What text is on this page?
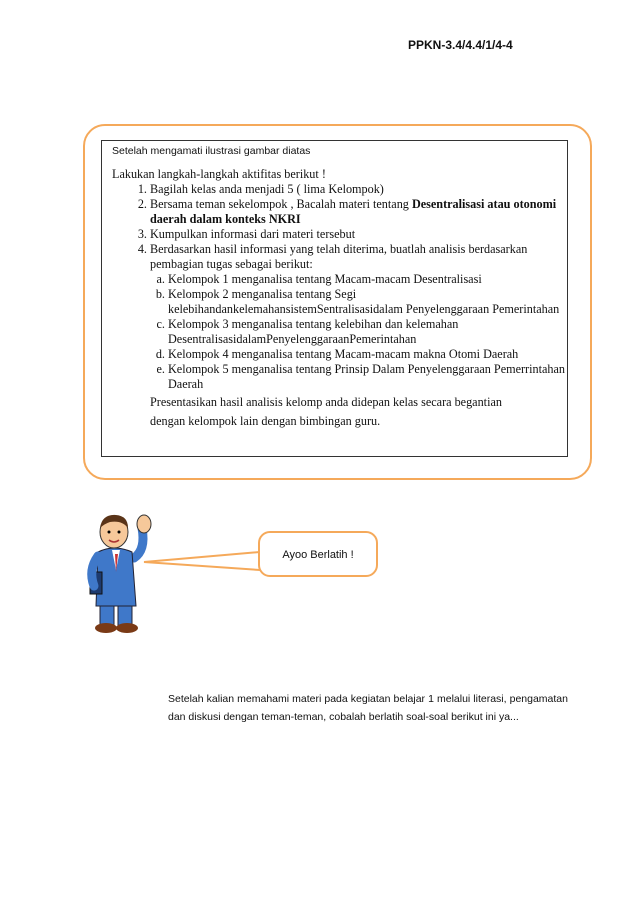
PPKN-3.4/4.4/1/4-4
Setelah mengamati ilustrasi gambar diatas
Lakukan langkah-langkah aktifitas berikut !
1. Bagilah kelas anda menjadi 5 ( lima Kelompok)
2. Bersama teman sekelompok , Bacalah materi tentang Desentralisasi atau otonomi daerah dalam konteks NKRI
3. Kumpulkan informasi dari materi tersebut
4. Berdasarkan hasil informasi yang telah diterima, buatlah analisis berdasarkan pembagian tugas sebagai berikut:
a. Kelompok 1 menganalisa tentang Macam-macam Desentralisasi
b. Kelompok 2 menganalisa tentang Segi kelebihandankelemahansistemSentralisasidalam Penyelenggaraan Pemerintahan
c. Kelompok 3 menganalisa tentang kelebihan dan kelemahan DesentralisasidalamPenyelenggaraanPemerintahan
d. Kelompok 4 menganalisa tentang Macam-macam makna Otomi Daerah
e. Kelompok 5 menganalisa tentang Prinsip Dalam Penyelenggaraan Pemerrintahan Daerah
Presentasikan hasil analisis kelomp anda didepan kelas secara begantian
dengan kelompok lain dengan bimbingan guru.
Ayoo Berlatih !
Setelah kalian memahami materi pada kegiatan belajar 1 melalui literasi, pengamatan dan diskusi dengan teman-teman, cobalah berlatih soal-soal berikut ini ya...
